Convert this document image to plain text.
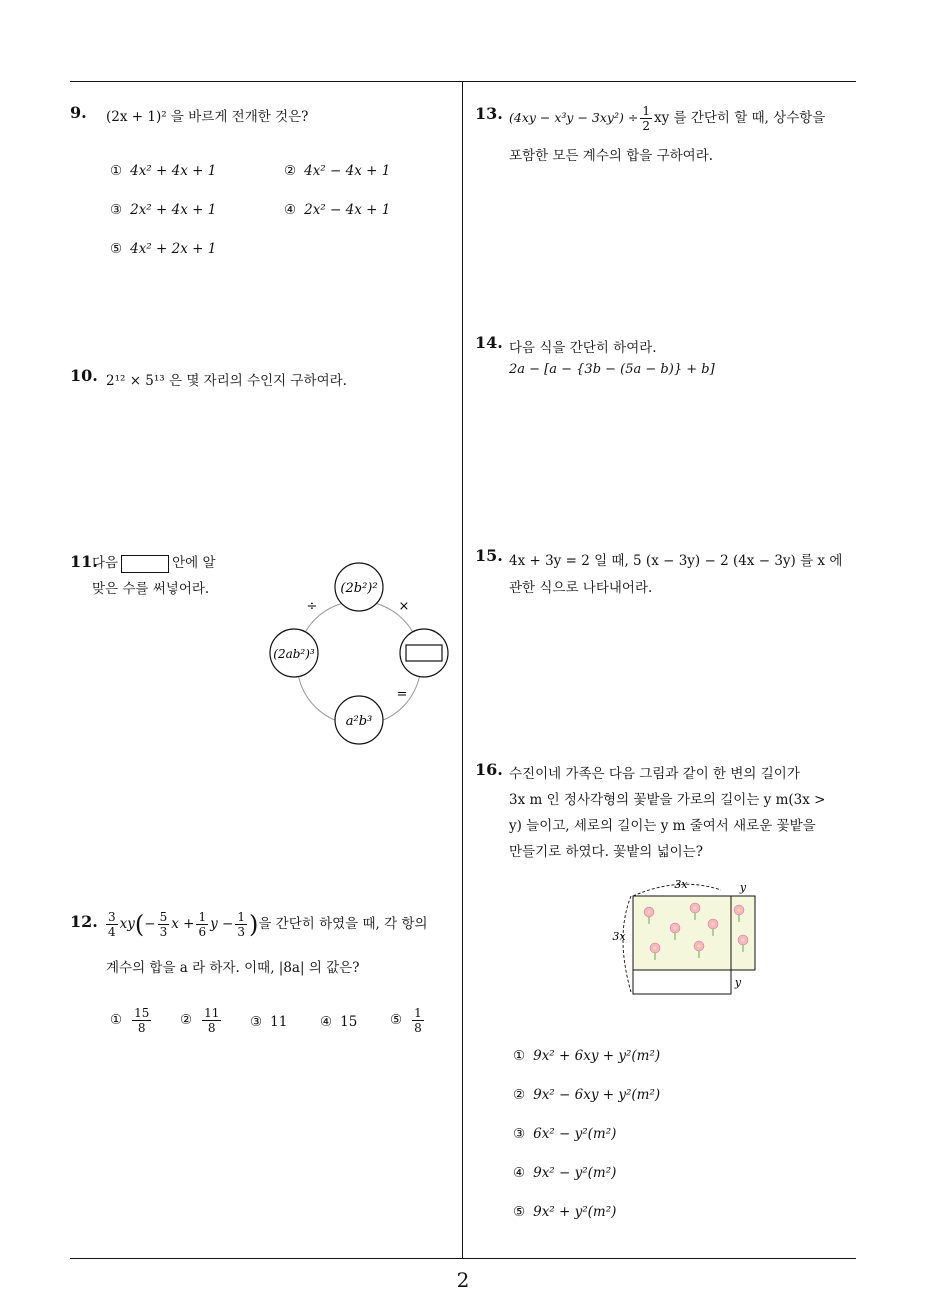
9. (2x + 1)² 을 바르게 전개한 것은?
① 4x² + 4x + 1	② 4x² − 4x + 1
③ 2x² + 4x + 1	④ 2x² − 4x + 1
⑤ 4x² + 2x + 1
10. 2¹² × 5¹³ 은 몇 자리의 수인지 구하여라.
11.
다음	안에 알
맞은 수를 써넣어라.	(2b²)²
(2ab²)³
a²b³
÷	×
=
12. $\frac{3}{4} xy(- \frac{5}{3}$ $x + \frac{1}{6}$ $y - \frac{1}{3}$ )을 간단히 하였을 때, 각 항의
계수의 합을 a 라 하자. 이때, |8a| 의 값은?
① $\frac{15}{8}$ ② $\frac{11}{8}$ ③ 11 ④ 15 ⑤ $\frac{1}{8}$
13. $(4xy - x^3y - 3xy^2) \div \frac{1}{2}$ xy 를 간단히 할 때, 상수항을
포함한 모든 계수의 합을 구하여라.
14. 다음 식을 간단히 하여라.
2a − [a − {3b − (5a − b)} + b]
15. 4x + 3y = 2 일 때, 5 (x − 3y) − 2 (4x − 3y) 를 x 에
관한 식으로 나타내어라.
16. 수진이네 가족은 다음 그림과 같이 한 변의 길이가
3x m 인 정사각형의 꽃밭을 가로의 길이는 y m(3x >
y) 늘이고, 세로의 길이는 y m 줄여서 새로운 꽃밭을
만들기로 하였다. 꽃밭의 넓이는?
3x
3x
y
y
① 9x² + 6xy + y²(m²)
② 9x² − 6xy + y²(m²)
③ 6x² − y²(m²)
④ 9x² − y²(m²)
⑤ 9x² + y²(m²)
2
